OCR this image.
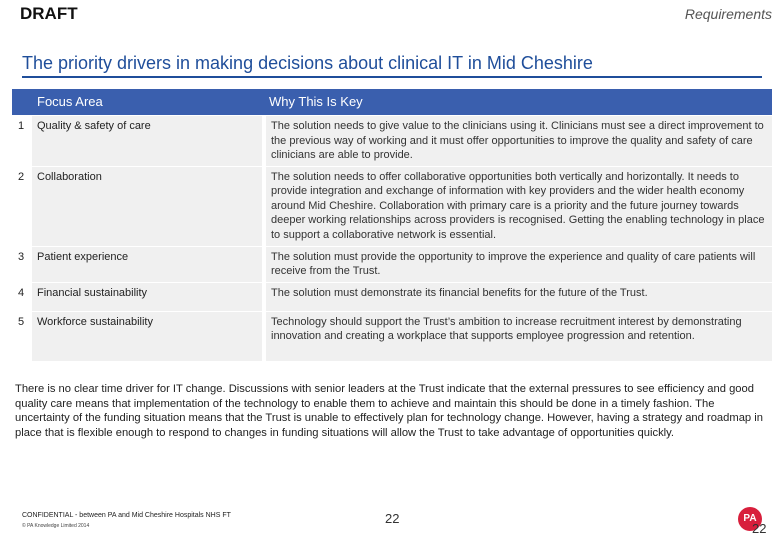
DRAFT	Requirements
The priority drivers in making decisions about clinical IT in Mid Cheshire
	Focus Area	Why This Is Key
1	Quality & safety of care	The solution needs to give value to the clinicians using it. Clinicians must see a direct improvement to the previous way of working and it must offer opportunities to improve the quality and safety of care clinicians are able to provide.
2	Collaboration	The solution needs to offer collaborative opportunities both vertically and horizontally. It needs to provide integration and exchange of information with key providers and the wider health economy around Mid Cheshire. Collaboration with primary care is a priority and the future journey towards deeper working relationships across providers is recognised. Getting the enabling technology in place to support a collaborative network is essential.
3	Patient experience	The solution must provide the opportunity to improve the experience and quality of care patients will receive from the Trust.
4	Financial sustainability	The solution must demonstrate its financial benefits for the future of the Trust.
5	Workforce sustainability	Technology should support the Trust’s ambition to increase recruitment interest by demonstrating innovation and creating a workplace that supports employee progression and retention.
There is no clear time driver for IT change. Discussions with senior leaders at the Trust indicate that the external pressures to see efficiency and good quality care means that implementation of the technology to enable them to achieve and maintain this should be done in a timely fashion. The uncertainty of the funding situation means that the Trust is unable to effectively plan for technology change. However, having a strategy and roadmap in place that is flexible enough to respond to changes in funding situations will allow the Trust to take advantage of opportunities quickly.
CONFIDENTIAL - between PA and Mid Cheshire Hospitals NHS FT
© PA Knowledge Limited 2014	22	PA
22
